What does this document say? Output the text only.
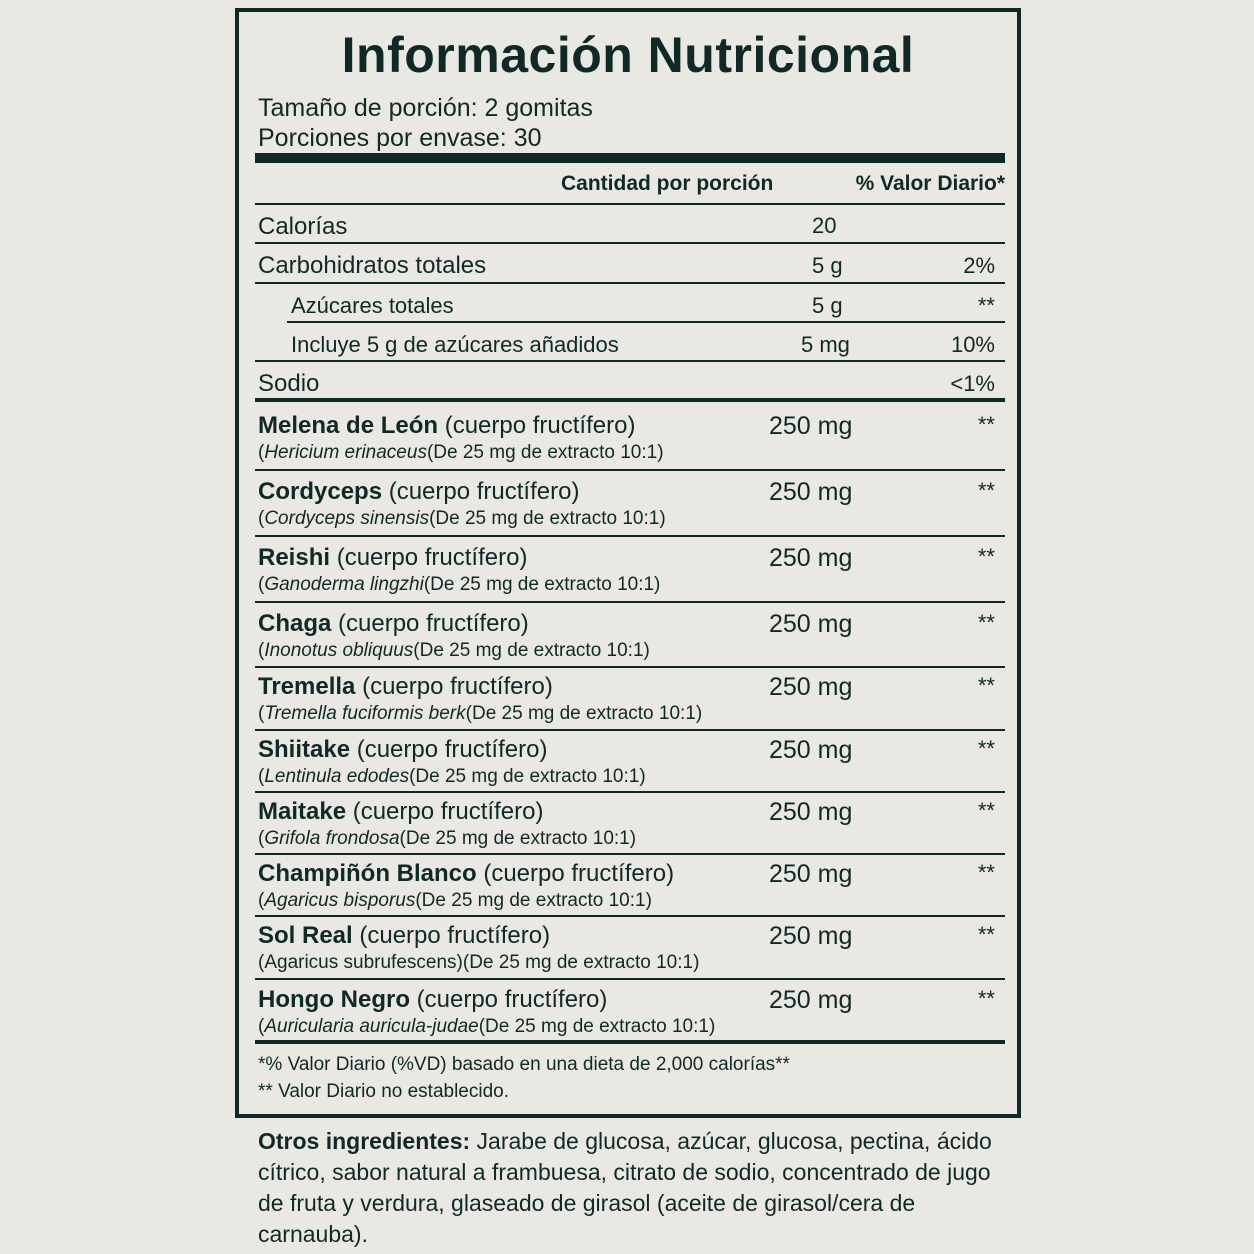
Información Nutricional
Tamaño de porción: 2 gomitas
Porciones por envase: 30
Cantidad por porción	% Valor Diario*
Calorías	20
Carbohidratos totales	5 g	2%
Azúcares totales	5 g	**
Incluye 5 g de azúcares añadidos	5 mg	10%
Sodio	<1%
Melena de León (cuerpo fructífero)
(Hericium erinaceus(De 25 mg de extracto 10:1)
250 mg	**
Cordyceps (cuerpo fructífero)
(Cordyceps sinensis(De 25 mg de extracto 10:1)
250 mg	**
Reishi (cuerpo fructífero)
(Ganoderma lingzhi(De 25 mg de extracto 10:1)
250 mg	**
Chaga (cuerpo fructífero)
(Inonotus obliquus(De 25 mg de extracto 10:1)
250 mg	**
Tremella (cuerpo fructífero)
(Tremella fuciformis berk(De 25 mg de extracto 10:1)
250 mg	**
Shiitake (cuerpo fructífero)
(Lentinula edodes(De 25 mg de extracto 10:1)
250 mg	**
Maitake (cuerpo fructífero)
(Grifola frondosa(De 25 mg de extracto 10:1)
250 mg	**
Champiñón Blanco (cuerpo fructífero)
(Agaricus bisporus(De 25 mg de extracto 10:1)
250 mg	**
Sol Real (cuerpo fructífero)
(Agaricus subrufescens)(De 25 mg de extracto 10:1)
250 mg	**
Hongo Negro (cuerpo fructífero)
(Auricularia auricula-judae(De 25 mg de extracto 10:1)
250 mg	**
*% Valor Diario (%VD) basado en una dieta de 2,000 calorías**
** Valor Diario no establecido.
Otros ingredientes: Jarabe de glucosa, azúcar, glucosa, pectina, ácido cítrico, sabor natural a frambuesa, citrato de sodio, concentrado de jugo de fruta y verdura, glaseado de girasol (aceite de girasol/cera de carnauba).
